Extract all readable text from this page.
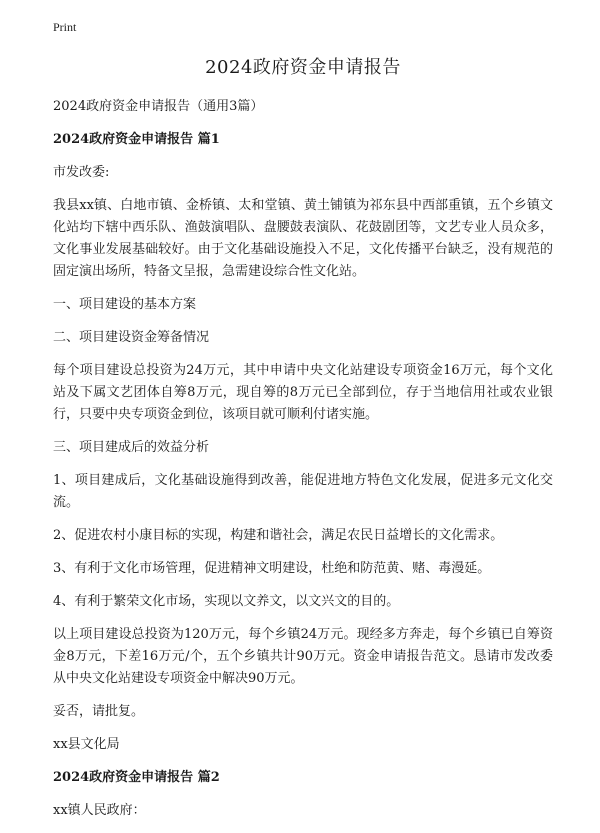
Print
2024政府资金申请报告

2024政府资金申请报告（通用3篇）

2024政府资金申请报告 篇1

市发改委:

我县xx镇、白地市镇、金桥镇、太和堂镇、黄土铺镇为祁东县中西部重镇，五个乡镇文化站均下辖中西乐队、渔鼓演唱队、盘腰鼓表演队、花鼓剧团等，文艺专业人员众多，文化事业发展基础较好。由于文化基础设施投入不足，文化传播平台缺乏，没有规范的固定演出场所，特备文呈报，急需建设综合性文化站。

一、项目建设的基本方案

二、项目建设资金筹备情况

每个项目建设总投资为24万元，其中申请中央文化站建设专项资金16万元，每个文化站及下属文艺团体自筹8万元，现自筹的8万元已全部到位，存于当地信用社或农业银行，只要中央专项资金到位，该项目就可顺利付诸实施。

三、项目建成后的效益分析

1、项目建成后，文化基础设施得到改善，能促进地方特色文化发展，促进多元文化交流。

2、促进农村小康目标的实现，构建和谐社会，满足农民日益增长的文化需求。

3、有利于文化市场管理，促进精神文明建设，杜绝和防范黄、赌、毒漫延。

4、有利于繁荣文化市场，实现以文养文，以文兴文的目的。

以上项目建设总投资为120万元，每个乡镇24万元。现经多方奔走，每个乡镇已自筹资金8万元，下差16万元/个，五个乡镇共计90万元。资金申请报告范文。恳请市发改委从中央文化站建设专项资金中解决90万元。

妥否，请批复。

xx县文化局

2024政府资金申请报告 篇2

xx镇人民政府：
